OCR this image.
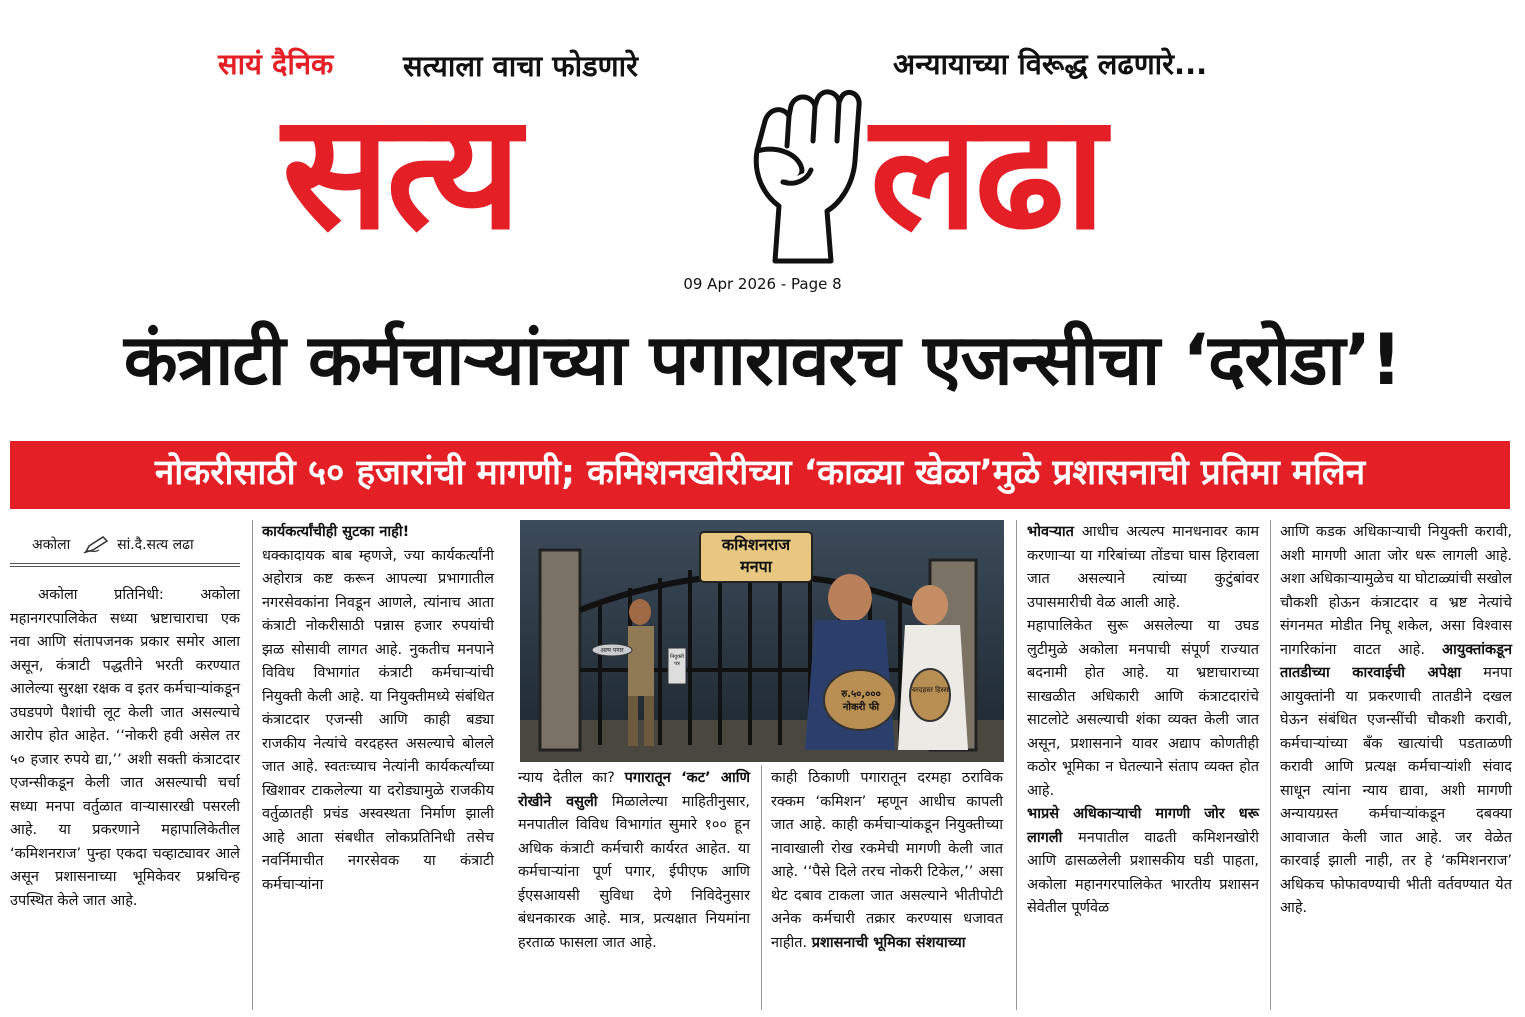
सायं दैनिक सत्याला वाचा फोडणारे	अन्यायाच्या विरूद्ध लढणारे...
सत्य लढा
09 Apr 2026 - Page 8
कंत्राटी कर्मचाऱ्यांच्या पगारावरच एजन्सीचा ‘दरोडा’!
नोकरीसाठी ५० हजारांची मागणी; कमिशनखोरीच्या ‘काळ्या खेळा’मुळे प्रशासनाची प्रतिमा मलिन
अकोला	सां.दै.सत्य लढा	कमिशनराज
मनपा
रु.५०,०००
नोकरी फी
वरदहस्त हिस्सा
अल्प पगार
नियुक्ती पत्र

अकोला प्रतिनिधी: अकोला महानगरपालिकेत सध्या भ्रष्टाचाराचा एक नवा आणि संतापजनक प्रकार समोर आला असून, कंत्राटी पद्धतीने भरती करण्यात आलेल्या सुरक्षा रक्षक व इतर कर्मचाऱ्यांकडून उघडपणे पैशांची लूट केली जात असल्याचे आरोप होत आहेत. ‘‘नोकरी हवी असेल तर ५० हजार रुपये द्या,’’ अशी सक्ती कंत्राटदार एजन्सीकडून केली जात असल्याची चर्चा सध्या मनपा वर्तुळात वाऱ्यासारखी पसरली आहे. या प्रकरणाने महापालिकेतील ‘कमिशनराज’ पुन्हा एकदा चव्हाट्यावर आले असून प्रशासनाच्या भूमिकेवर प्रश्नचिन्ह उपस्थित केले जात आहे.

कार्यकर्त्यांचीही सुटका नाही!

धक्कादायक बाब म्हणजे, ज्या कार्यकर्त्यांनी अहोरात्र कष्ट करून आपल्या प्रभागातील नगरसेवकांना निवडून आणले, त्यांनाच आता कंत्राटी नोकरीसाठी पन्नास हजार रुपयांची झळ सोसावी लागत आहे. नुकतीच मनपाने विविध विभागांत कंत्राटी कर्मचाऱ्यांची नियुक्ती केली आहे. या नियुक्तीमध्ये संबंधित कंत्राटदार एजन्सी आणि काही बड्या राजकीय नेत्यांचे वरदहस्त असल्याचे बोलले जात आहे. स्वतःच्याच नेत्यांनी कार्यकर्त्यांच्या खिशावर टाकलेल्या या दरोड्यामुळे राजकीय वर्तुळातही प्रचंड अस्वस्थता निर्माण झाली आहे आता संबधीत लोकप्रतिनिधी तसेच नवर्निमाचीत नगरसेवक या कंत्राटी कर्मचाऱ्यांना

न्याय देतील का? पगारातून ‘कट’ आणि रोखीने वसुली मिळालेल्या माहितीनुसार, मनपातील विविध विभागांत सुमारे १०० हून अधिक कंत्राटी कर्मचारी कार्यरत आहेत. या कर्मचाऱ्यांना पूर्ण पगार, ईपीएफ आणि ईएसआयसी सुविधा देणे निविदेनुसार बंधनकारक आहे. मात्र, प्रत्यक्षात नियमांना हरताळ फासला जात आहे.

काही ठिकाणी पगारातून दरमहा ठराविक रक्कम ‘कमिशन’ म्हणून आधीच कापली जात आहे. काही कर्मचाऱ्यांकडून नियुक्तीच्या नावाखाली रोख रकमेची मागणी केली जात आहे. ‘‘पैसे दिले तरच नोकरी टिकेल,’’ असा थेट दबाव टाकला जात असल्याने भीतीपोटी अनेक कर्मचारी तक्रार करण्यास धजावत नाहीत. प्रशासनाची भूमिका संशयाच्या

भोवऱ्यात आधीच अत्यल्प मानधनावर काम करणाऱ्या या गरिबांच्या तोंडचा घास हिरावला जात असल्याने त्यांच्या कुटुंबांवर उपासमारीची वेळ आली आहे.

महापालिकेत सुरू असलेल्या या उघड लुटीमुळे अकोला मनपाची संपूर्ण राज्यात बदनामी होत आहे. या भ्रष्टाचाराच्या साखळीत अधिकारी आणि कंत्राटदारांचे साटलोटे असल्याची शंका व्यक्त केली जात असून, प्रशासनाने यावर अद्याप कोणतीही कठोर भूमिका न घेतल्याने संताप व्यक्त होत आहे.

भाप्रसे अधिकाऱ्याची मागणी जोर धरू लागली मनपातील वाढती कमिशनखोरी आणि ढासळलेली प्रशासकीय घडी पाहता, अकोला महानगरपालिकेत भारतीय प्रशासन सेवेतील पूर्णवेळ

आणि कडक अधिकाऱ्याची नियुक्ती करावी, अशी मागणी आता जोर धरू लागली आहे. अशा अधिकाऱ्यामुळेच या घोटाळ्यांची सखोल चौकशी होऊन कंत्राटदार व भ्रष्ट नेत्यांचे संगनमत मोडीत निघू शकेल, असा विश्वास नागरिकांना वाटत आहे. आयुक्तांकडून तातडीच्या कारवाईची अपेक्षा मनपा आयुक्तांनी या प्रकरणाची तातडीने दखल घेऊन संबंधित एजन्सींची चौकशी करावी, कर्मचाऱ्यांच्या बँक खात्यांची पडताळणी करावी आणि प्रत्यक्ष कर्मचाऱ्यांशी संवाद साधून त्यांना न्याय द्यावा, अशी मागणी अन्यायग्रस्त कर्मचाऱ्यांकडून दबक्या आवाजात केली जात आहे. जर वेळेत कारवाई झाली नाही, तर हे ‘कमिशनराज’ अधिकच फोफावण्याची भीती वर्तवण्यात येत आहे.
